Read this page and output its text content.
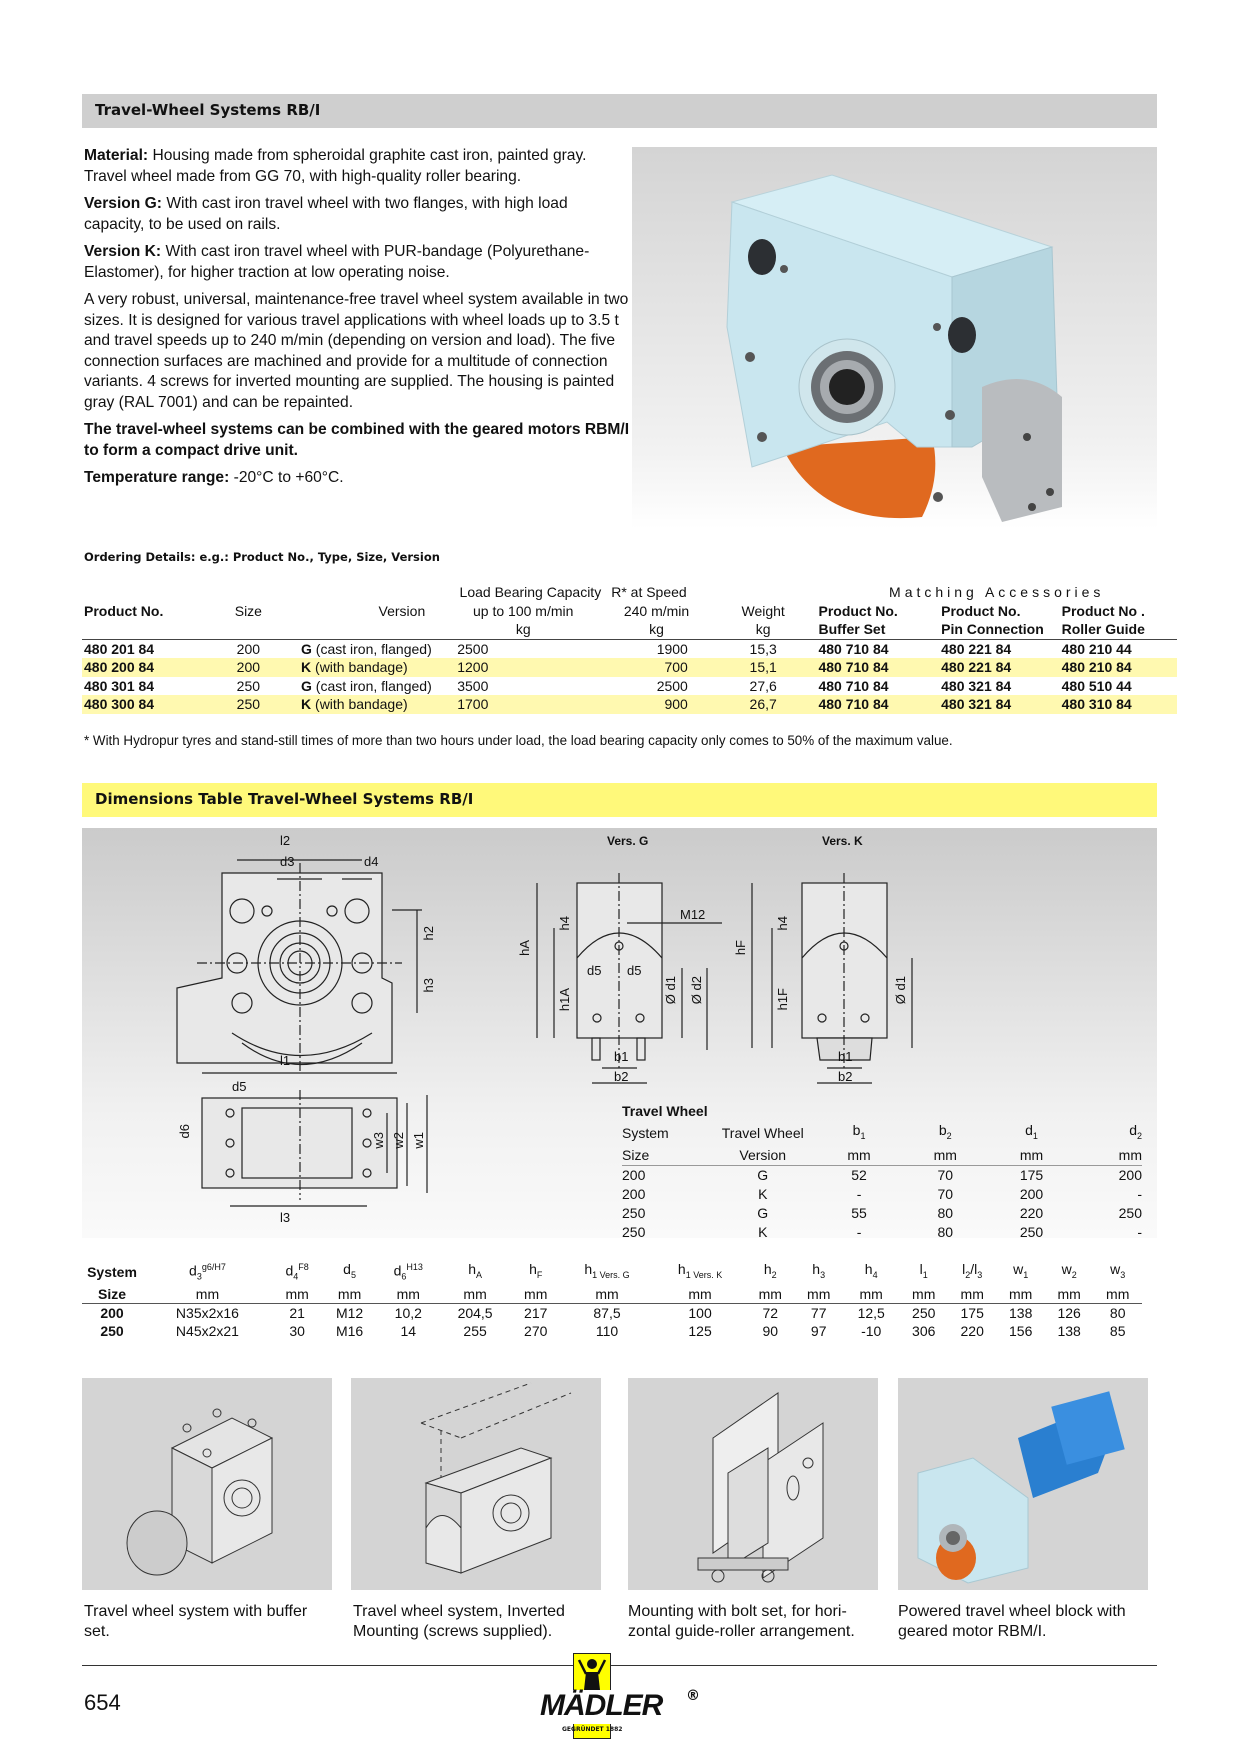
Travel-Wheel Systems RB/I

Material: Housing made from spheroidal graphite cast iron, painted gray. Travel wheel made from GG 70, with high-quality roller bearing.

Version G: With cast iron travel wheel with two flanges, with high load capacity, to be used on rails.

Version K: With cast iron travel wheel with PUR-bandage (Polyurethane-Elastomer), for higher traction at low operating noise.

A very robust, universal, maintenance-free travel wheel system available in two sizes. It is designed for various travel applications with wheel loads up to 3.5 t and travel speeds up to 240 m/min (depending on version and load). The five connection surfaces are machined and provide for a multitude of connection variants. 4 screws for inverted mounting are supplied. The housing is painted gray (RAL 7001) and can be repainted.

The travel-wheel systems can be combined with the geared motors RBM/I to form a compact drive unit.

Temperature range: -20°C to +60°C.

Ordering Details: e.g.: Product No., Type, Size, Version
			Load Bearing Capacity	R* at Speed		Matching Accessories		
Product No.	Size	Version	up to 100 m/min	240 m/min	Weight	Product No.	Product No.	Product No .
			kg	kg	kg	Buffer Set	Pin Connection	Roller Guide
480 201 84	200	G (cast iron, flanged)	2500	1900	15,3	480 710 84	480 221 84	480 210 44
480 200 84	200	K (with bandage)	1200	700	15,1	480 710 84	480 221 84	480 210 84
480 301 84	250	G (cast iron, flanged)	3500	2500	27,6	480 710 84	480 321 84	480 510 44
480 300 84	250	K (with bandage)	1700	900	26,7	480 710 84	480 321 84	480 310 84
* With Hydropur tyres and stand-still times of more than two hours under load, the load bearing capacity only comes to 50% of the maximum value.
Dimensions Table Travel-Wheel Systems RB/I
l2
d3	d4
h2
h3
l1
d5
d6
w3 w2 w1
l3
Vers. G
hA
h4
h1A
M12
d5 d5
Ø d1 Ø d2
b1
b2
Vers. K
hF
h4
h1F	Ø d1
b1
b2
Travel Wheel					
System	Travel Wheel	$b_1$	$b_2$	$d_1$	$d_2$
Size	Version	mm	mm	mm	mm
200	G	52	70	175	200
200	K	-	70	200	-
250	G	55	80	220	250
250	K	-	80	250	-
System	$d_3^{g6/H7}$	$d_4^{F8}$	$d_5$	$d_6^{H13}$	$h_A$	$h_F$	$h_{1 Vers. G}$	$h_{1 Vers. K}$	$h_2$	$h_3$	$h_4$	$l_1$	$l_2/l_3$	$w_1$	$w_2$	$w_3$
Size	mm	mm	mm	mm	mm	mm	mm	mm	mm	mm	mm	mm	mm	mm	mm	mm
200	N35x2x16	21	M12	10,2	204,5	217	87,5	100	72	77	12,5	250	175	138	126	80
250	N45x2x21	30	M16	14	255	270	110	125	90	97	-10	306	220	156	138	85
Travel wheel system with buffer set.
Travel wheel system, Inverted Mounting (screws supplied).
Mounting with bolt set, for hori-zontal guide-roller arrangement.
Powered travel wheel block with geared motor RBM/I.
654	MÄDLER ®
GEGRÜNDET 1882
